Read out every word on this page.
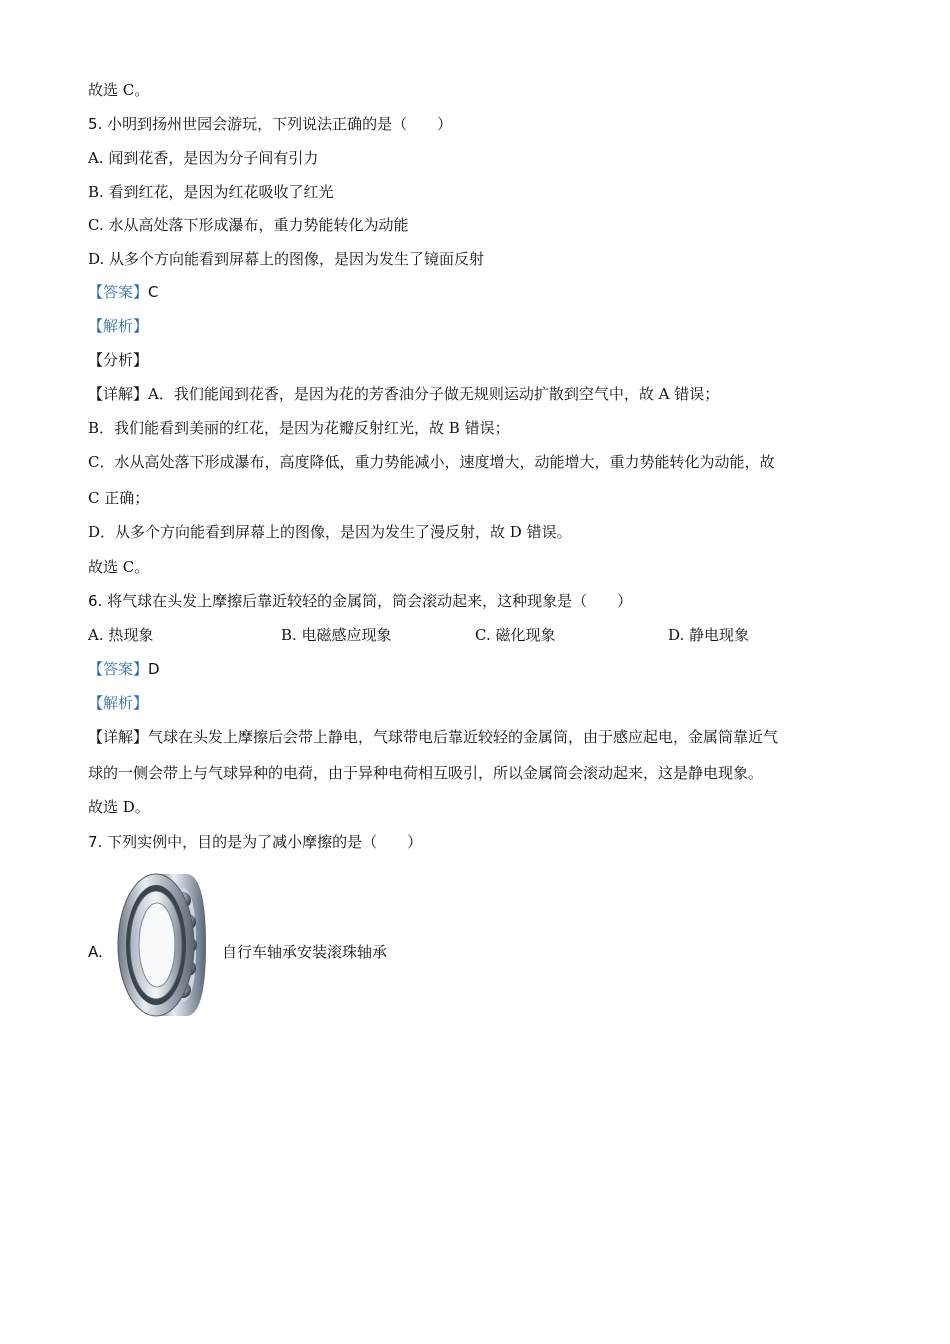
故选 C。
5. 小明到扬州世园会游玩，下列说法正确的是（　　）
A. 闻到花香，是因为分子间有引力
B. 看到红花，是因为红花吸收了红光
C. 水从高处落下形成瀑布，重力势能转化为动能
D. 从多个方向能看到屏幕上的图像，是因为发生了镜面反射
【答案】C
【解析】
【分析】
【详解】A．我们能闻到花香，是因为花的芳香油分子做无规则运动扩散到空气中，故 A 错误；
B．我们能看到美丽的红花，是因为花瓣反射红光，故 B 错误；
C．水从高处落下形成瀑布，高度降低，重力势能减小，速度增大，动能增大，重力势能转化为动能，故
C 正确；
D．从多个方向能看到屏幕上的图像，是因为发生了漫反射，故 D 错误。
故选 C。
6. 将气球在头发上摩擦后靠近较轻的金属筒，筒会滚动起来，这种现象是（　　）
A. 热现象	B. 电磁感应现象	C. 磁化现象	D. 静电现象
【答案】D
【解析】
【详解】气球在头发上摩擦后会带上静电，气球带电后靠近较轻的金属筒，由于感应起电，金属筒靠近气
球的一侧会带上与气球异种的电荷，由于异种电荷相互吸引，所以金属筒会滚动起来，这是静电现象。
故选 D。
7. 下列实例中，目的是为了减小摩擦的是（　　）
A.	自行车轴承安装滚珠轴承
